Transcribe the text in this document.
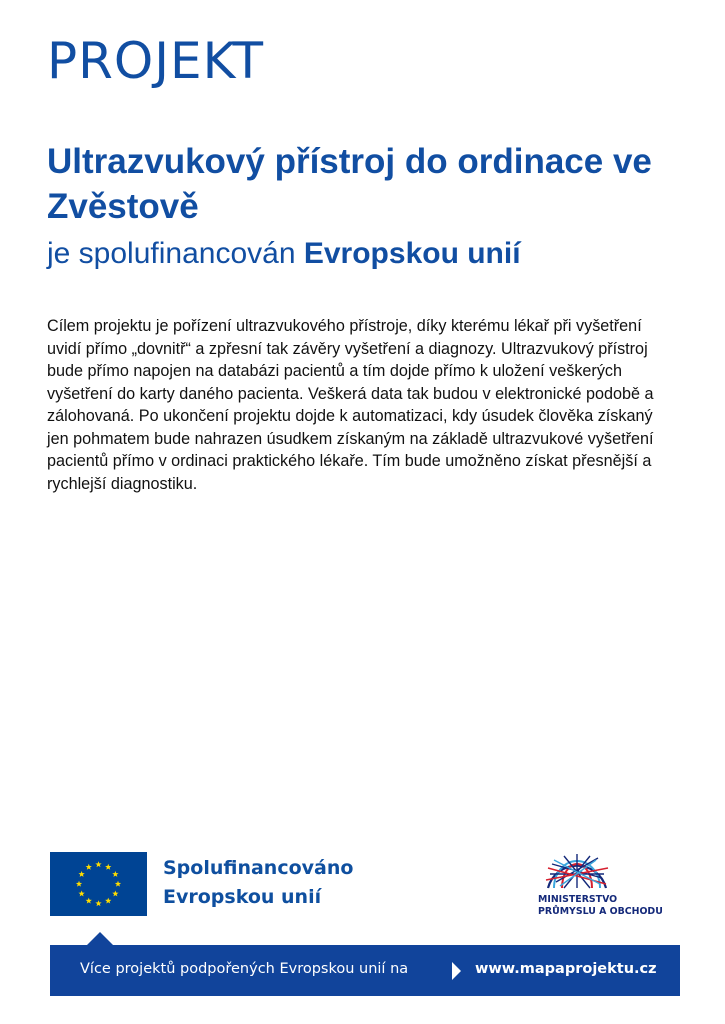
PROJEKT
Ultrazvukový přístroj do ordinace ve Zvěstově
je spolufinancován Evropskou unií

Cílem projektu je pořízení ultrazvukového přístroje, díky kterému lékař při vyšetření uvidí přímo „dovnitř“ a zpřesní tak závěry vyšetření a diagnozy. Ultrazvukový přístroj bude přímo napojen na databázi pacientů a tím dojde přímo k uložení veškerých vyšetření do karty daného pacienta. Veškerá data tak budou v elektronické podobě a zálohovaná. Po ukončení projektu dojde k automatizaci, kdy úsudek člověka získaný jen pohmatem bude nahrazen úsudkem získaným na základě ultrazvukové vyšetření pacientů přímo v ordinaci praktického lékaře. Tím bude umožněno získat přesnější a rychlejší diagnostiku.

Spolufinancováno
Evropskou unií	MINISTERSTVO
PRŮMYSLU A OBCHODU
Více projektů podpořených Evropskou unií na	www.mapaprojektu.cz
